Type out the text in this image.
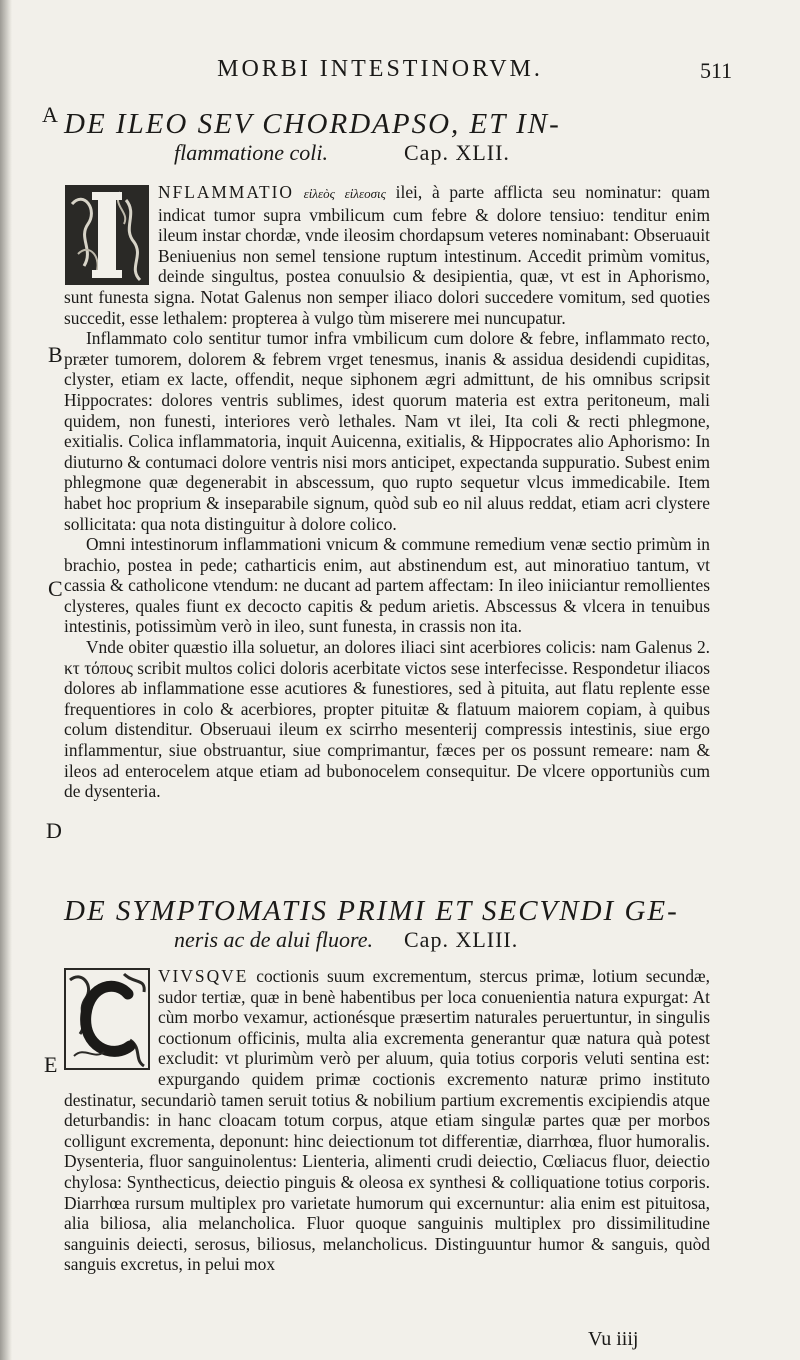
MORBI INTESTINORVM.	511
A
B
C
D
E
DE ILEO SEV CHORDAPSO, ET IN-
flammatione coli.	Cap. XLII.

NFLAMMATIO εἰλεὸς εἰλεοσις ilei, à parte afflicta seu nominatur: quam indicat tumor supra vmbilicum cum febre & dolore tensiuo: tenditur enim ileum instar chordæ, vnde ileosim chordapsum veteres nominabant: Obseruauit Beniuenius non semel tensione ruptum intestinum. Accedit primùm vomitus, deinde singultus, postea conuulsio & desipientia, quæ, vt est in Aphorismo, sunt funesta signa. Notat Galenus non semper iliaco dolori succedere vomitum, sed quoties succedit, esse lethalem: propterea à vulgo tùm miserere mei nuncupatur.

Inflammato colo sentitur tumor infra vmbilicum cum dolore & febre, inflammato recto, præter tumorem, dolorem & febrem vrget tenesmus, inanis & assidua desidendi cupiditas, clyster, etiam ex lacte, offendit, neque siphonem ægri admittunt, de his omnibus scripsit Hippocrates: dolores ventris sublimes, idest quorum materia est extra peritoneum, mali quidem, non funesti, interiores verò lethales. Nam vt ilei, Ita coli & recti phlegmone, exitialis. Colica inflammatoria, inquit Auicenna, exitialis, & Hippocrates alio Aphorismo: In diuturno & contumaci dolore ventris nisi mors anticipet, expectanda suppuratio. Subest enim phlegmone quæ degenerabit in abscessum, quo rupto sequetur vlcus immedicabile. Item habet hoc proprium & inseparabile signum, quòd sub eo nil aluus reddat, etiam acri clystere sollicitata: qua nota distinguitur à dolore colico.

Omni intestinorum inflammationi vnicum & commune remedium venæ sectio primùm in brachio, postea in pede; catharticis enim, aut abstinendum est, aut minoratiuo tantum, vt cassia & catholicone vtendum: ne ducant ad partem affectam: In ileo iniiciantur remollientes clysteres, quales fiunt ex decocto capitis & pedum arietis. Abscessus & vlcera in tenuibus intestinis, potissimùm verò in ileo, sunt funesta, in crassis non ita.

Vnde obiter quæstio illa soluetur, an dolores iliaci sint acerbiores colicis: nam Galenus 2. κτ τόπους scribit multos colici doloris acerbitate victos sese interfecisse. Respondetur iliacos dolores ab inflammatione esse acutiores & funestiores, sed à pituita, aut flatu replente esse frequentiores in colo & acerbiores, propter pituitæ & flatuum maiorem copiam, à quibus colum distenditur. Obseruaui ileum ex scirrho mesenterij compressis intestinis, siue ergo inflammentur, siue obstruantur, siue comprimantur, fæces per os possunt remeare: nam & ileos ad enterocelem atque etiam ad bubonocelem consequitur. De vlcere opportuniùs cum de dysenteria.

DE SYMPTOMATIS PRIMI ET SECVNDI GE-
neris ac de alui fluore. Cap. XLIII.

VIVSQVE coctionis suum excrementum, stercus primæ, lotium secundæ, sudor tertiæ, quæ in benè habentibus per loca conuenientia natura expurgat: At cùm morbo vexamur, actionésque præsertim naturales peruertuntur, in singulis coctionum officinis, multa alia excrementa generantur quæ natura quà potest excludit: vt plurimùm verò per aluum, quia totius corporis veluti sentina est: expurgando quidem primæ coctionis excremento naturæ primo instituto destinatur, secundariò tamen seruit totius & nobilium partium excrementis excipiendis atque deturbandis: in hanc cloacam totum corpus, atque etiam singulæ partes quæ per morbos colligunt excrementa, deponunt: hinc deiectionum tot differentiæ, diarrhœa, fluor humoralis. Dysenteria, fluor sanguinolentus: Lienteria, alimenti crudi deiectio, Cœliacus fluor, deiectio chylosa: Synthecticus, deiectio pinguis & oleosa ex synthesi & colliquatione totius corporis. Diarrhœa rursum multiplex pro varietate humorum qui excernuntur: alia enim est pituitosa, alia biliosa, alia melancholica. Fluor quoque sanguinis multiplex pro dissimilitudine sanguinis deiecti, serosus, biliosus, melancholicus. Distinguuntur humor & sanguis, quòd sanguis excretus, in pelui mox

Vu iiij
